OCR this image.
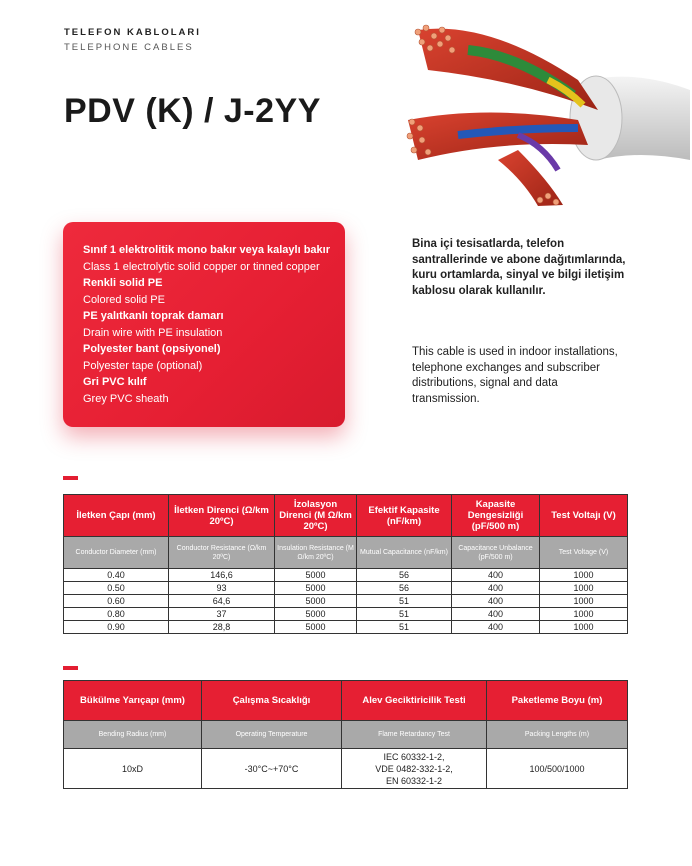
TELEFON KABLOLARI
TELEPHONE CABLES
PDV (K) / J-2YY
Sınıf 1 elektrolitik mono bakır veya kalaylı bakır
Class 1 electrolytic solid copper or tinned copper
Renkli solid PE
Colored solid PE
PE yalıtkanlı toprak damarı
Drain wire with PE insulation
Polyester bant (opsiyonel)
Polyester tape (optional)
Gri PVC kılıf
Grey PVC sheath
Bina içi tesisatlarda, telefon santrallerinde ve abone dağıtımlarında, kuru ortamlarda, sinyal ve bilgi iletişim kablosu olarak kullanılır.
This cable is used in indoor installations, telephone exchanges and subscriber distributions, signal and data transmission.
İletken Çapı (mm)	İletken Direnci (Ω/km 20ºC)	İzolasyon Direnci (M Ω/km 20ºC)	Efektif Kapasite (nF/km)	Kapasite Dengesizliği (pF/500 m)	Test Voltajı (V)
Conductor Diameter (mm)	Conductor Resistance (Ω/km 20ºC)	Insulation Resistance (M Ω/km 20ºC)	Mutual Capacitance (nF/km)	Capacitance Unbalance (pF/500 m)	Test Voltage (V)
0.40	146,6	5000	56	400	1000
0.50	93	5000	56	400	1000
0.60	64,6	5000	51	400	1000
0.80	37	5000	51	400	1000
0.90	28,8	5000	51	400	1000
Bükülme Yarıçapı (mm)	Çalışma Sıcaklığı	Alev Geciktiricilik Testi	Paketleme Boyu (m)
Bending Radius (mm)	Operating Temperature	Flame Retardancy Test	Packing Lengths (m)
10xD	-30°C~+70°C	IEC 60332-1-2,
VDE 0482-332-1-2,
EN 60332-1-2	100/500/1000
